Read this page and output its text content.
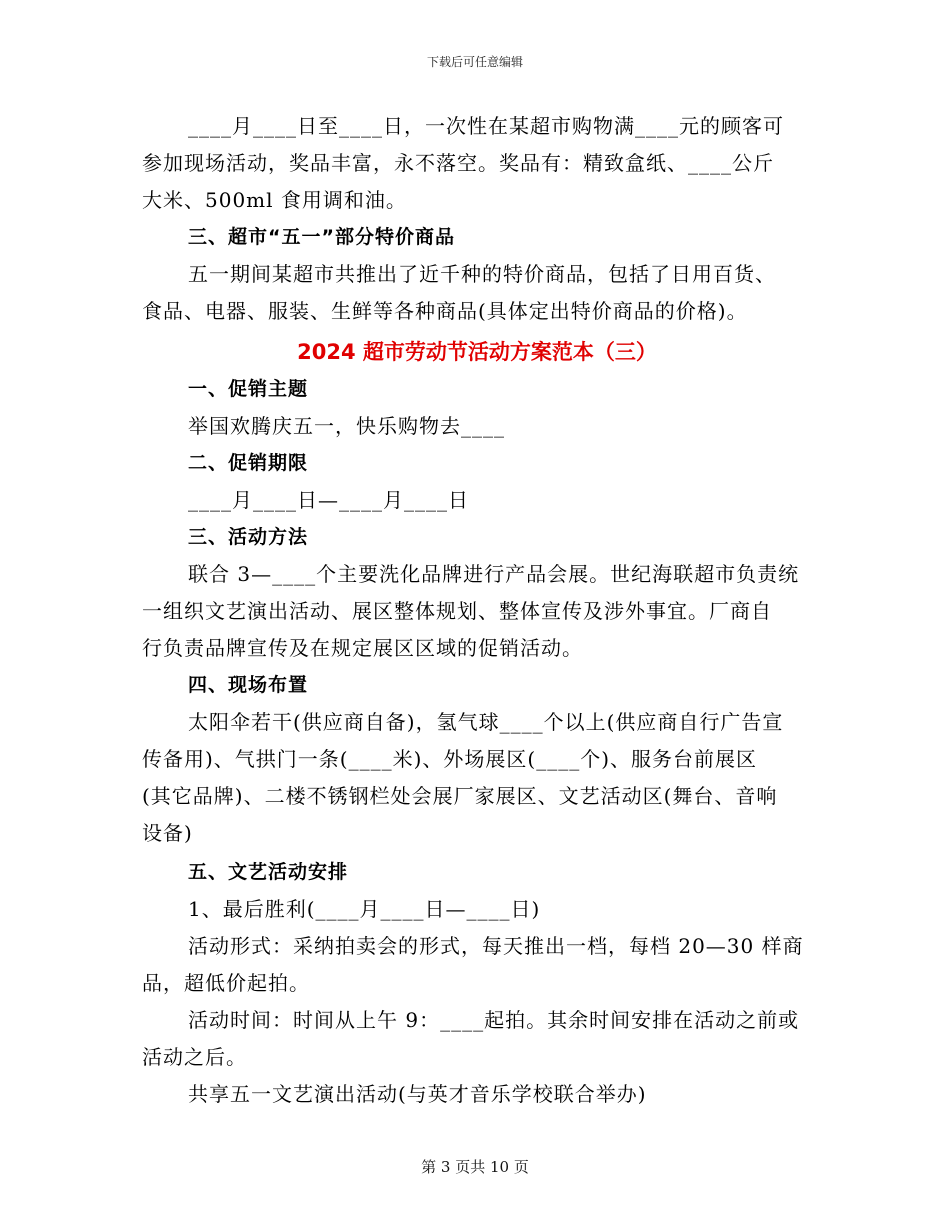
下载后可任意编辑
____月____日至____日，一次性在某超市购物满____元的顾客可
参加现场活动，奖品丰富，永不落空。奖品有：精致盒纸、____公斤
大米、500ml 食用调和油。
三、超市“五一”部分特价商品
五一期间某超市共推出了近千种的特价商品，包括了日用百货、
食品、电器、服装、生鲜等各种商品(具体定出特价商品的价格)。
2024 超市劳动节活动方案范本（三）
一、促销主题
举国欢腾庆五一，快乐购物去____
二、促销期限
____月____日—____月____日
三、活动方法
联合 3—____个主要洗化品牌进行产品会展。世纪海联超市负责统
一组织文艺演出活动、展区整体规划、整体宣传及涉外事宜。厂商自
行负责品牌宣传及在规定展区区域的促销活动。
四、现场布置
太阳伞若干(供应商自备)，氢气球____个以上(供应商自行广告宣
传备用)、气拱门一条(____米)、外场展区(____个)、服务台前展区
(其它品牌)、二楼不锈钢栏处会展厂家展区、文艺活动区(舞台、音响
设备)
五、文艺活动安排
1、最后胜利(____月____日—____日)
活动形式：采纳拍卖会的形式，每天推出一档，每档 20—30 样商
品，超低价起拍。
活动时间：时间从上午 9：____起拍。其余时间安排在活动之前或
活动之后。
共享五一文艺演出活动(与英才音乐学校联合举办)
第 3 页共 10 页
